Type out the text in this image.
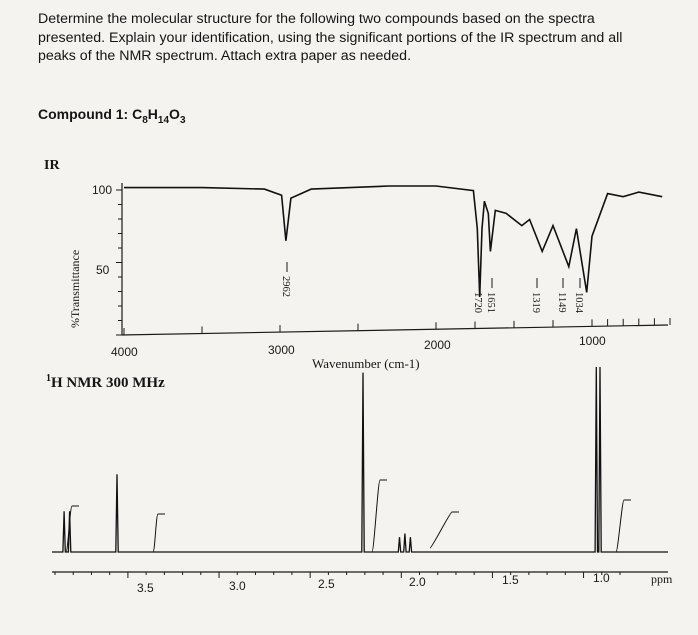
Determine the molecular structure for the following two compounds based on the spectra
presented. Explain your identification, using the significant portions of the IR spectrum and all
peaks of the NMR spectrum. Attach extra paper as needed.
Compound 1: $C_8H_{14}O_3$
IR
%Transmittance
Wavenumber (cm-1)
$^1$H NMR 300 MHz
ppm
100
50
4000	3000	2000	1000
2962
1720 1651	1319 1149 1034
3.5	3.0	2.5	2.0	1.5	1.0
